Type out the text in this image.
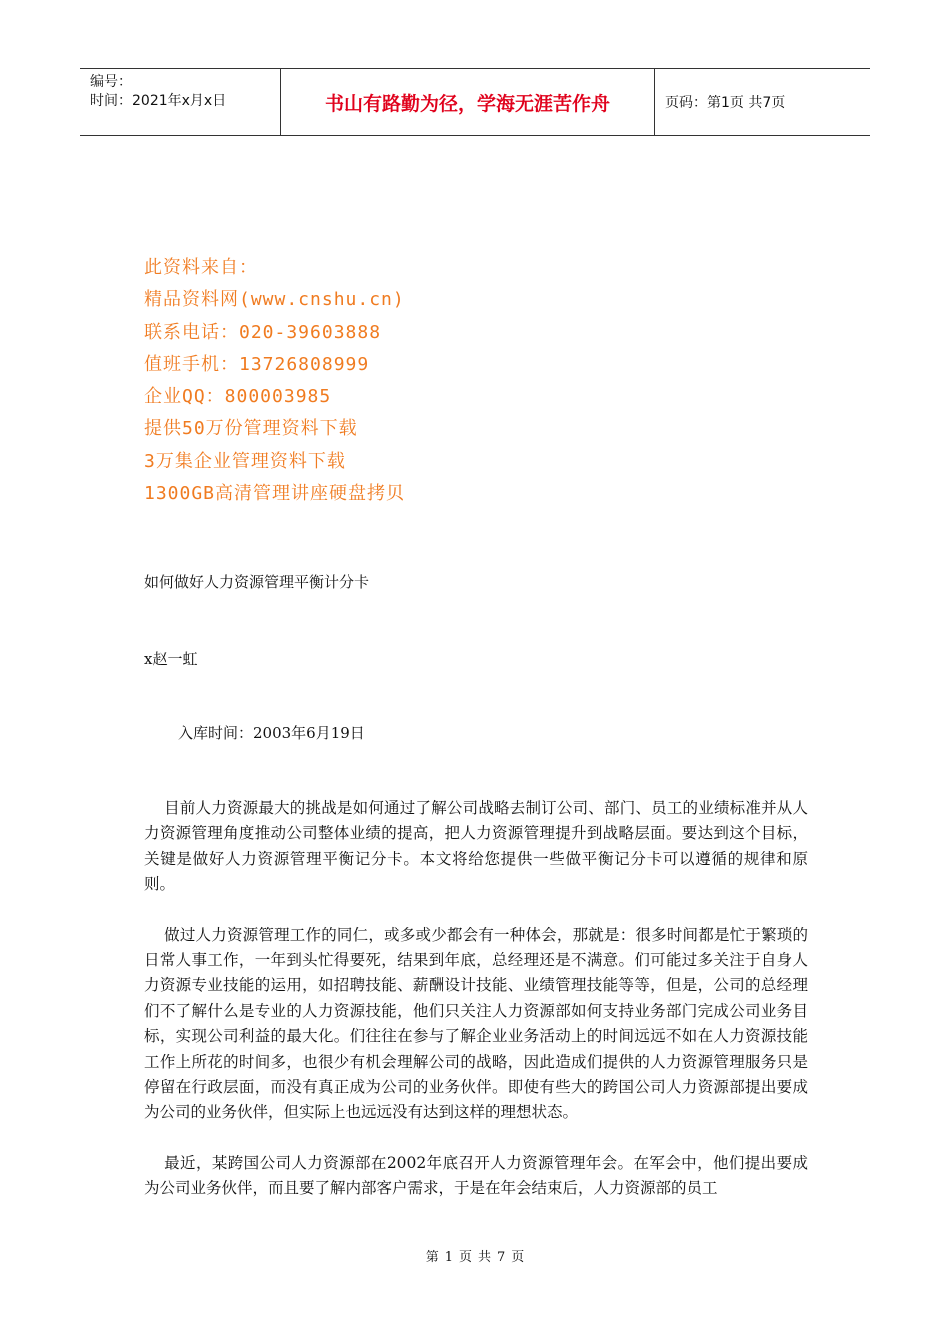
编号：
时间：2021年x月x日	书山有路勤为径，学海无涯苦作舟	页码：第1页 共7页
此资料来自：
精品资料网(www.cnshu.cn)
联系电话：020-39603888
值班手机：13726808999
企业QQ：800003985
提供50万份管理资料下载
3万集企业管理资料下载
1300GB高清管理讲座硬盘拷贝
如何做好人力资源管理平衡计分卡
x赵一虹
入库时间：2003年6月19日

目前人力资源最大的挑战是如何通过了解公司战略去制订公司、部门、员工的业绩标准并从人力资源管理角度推动公司整体业绩的提高，把人力资源管理提升到战略层面。要达到这个目标，关键是做好人力资源管理平衡记分卡。本文将给您提供一些做平衡记分卡可以遵循的规律和原则。

做过人力资源管理工作的同仁，或多或少都会有一种体会，那就是：很多时间都是忙于繁琐的日常人事工作，一年到头忙得要死，结果到年底，总经理还是不满意。们可能过多关注于自身人力资源专业技能的运用，如招聘技能、薪酬设计技能、业绩管理技能等等，但是，公司的总经理们不了解什么是专业的人力资源技能，他们只关注人力资源部如何支持业务部门完成公司业务目标，实现公司利益的最大化。们往往在参与了解企业业务活动上的时间远远不如在人力资源技能工作上所花的时间多，也很少有机会理解公司的战略，因此造成们提供的人力资源管理服务只是停留在行政层面，而没有真正成为公司的业务伙伴。即使有些大的跨国公司人力资源部提出要成为公司的业务伙伴，但实际上也远远没有达到这样的理想状态。

最近，某跨国公司人力资源部在2002年底召开人力资源管理年会。在军会中，他们提出要成为公司业务伙伴，而且要了解内部客户需求，于是在年会结束后，人力资源部的员工

第 1 页 共 7 页
